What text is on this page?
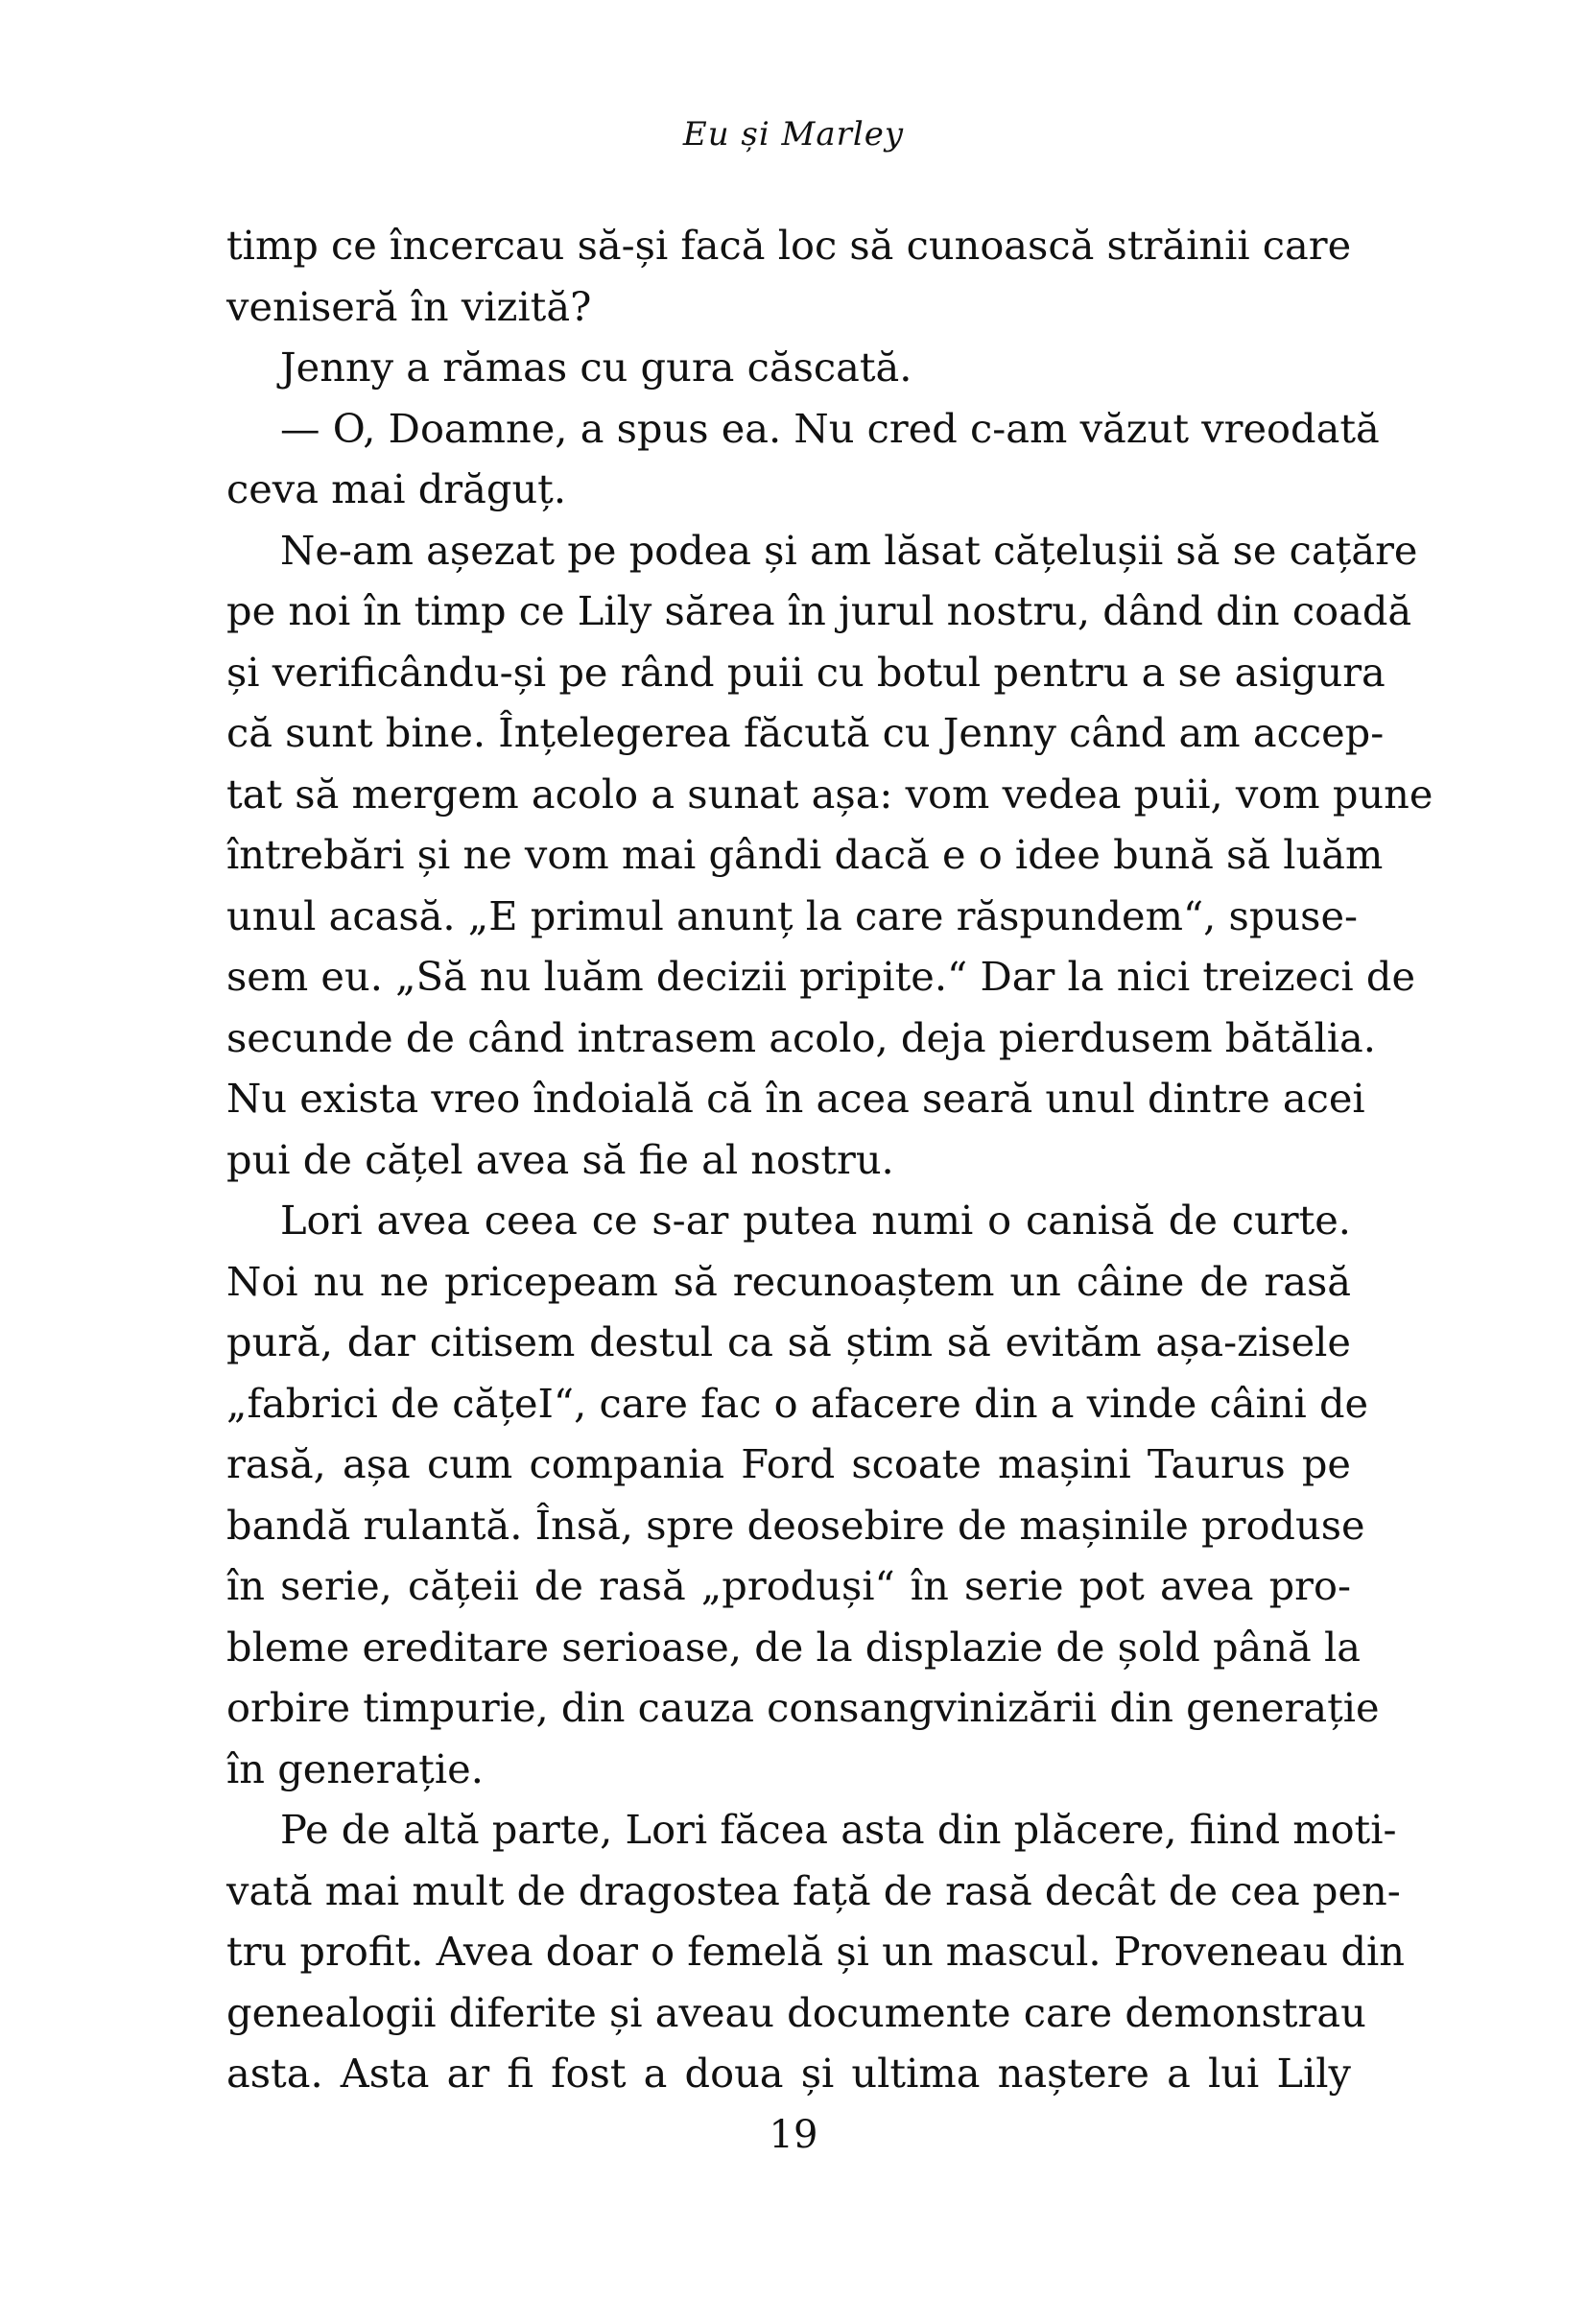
Eu și Marley
timp ce încercau să-și facă loc să cunoască străinii care
veniseră în vizită?
Jenny a rămas cu gura căscată.
— O, Doamne, a spus ea. Nu cred c-am văzut vreodată
ceva mai drăguț.
Ne-am așezat pe podea și am lăsat cățelușii să se cațăre
pe noi în timp ce Lily sărea în jurul nostru, dând din coadă
și verificându-și pe rând puii cu botul pentru a se asigura
că sunt bine. Înțelegerea făcută cu Jenny când am accep-
tat să mergem acolo a sunat așa: vom vedea puii, vom pune
întrebări și ne vom mai gândi dacă e o idee bună să luăm
unul acasă. „E primul anunț la care răspundem“, spuse-
sem eu. „Să nu luăm decizii pripite.“ Dar la nici treizeci de
secunde de când intrasem acolo, deja pierdusem bătălia.
Nu exista vreo îndoială că în acea seară unul dintre acei
pui de cățel avea să fie al nostru.
Lori avea ceea ce s-ar putea numi o canisă de curte.
Noi nu ne pricepeam să recunoaștem un câine de rasă
pură, dar citisem destul ca să știm să evităm așa-zisele
„fabrici de cățeI“, care fac o afacere din a vinde câini de
rasă, așa cum compania Ford scoate mașini Taurus pe
bandă rulantă. Însă, spre deosebire de mașinile produse
în serie, cățeii de rasă „produși“ în serie pot avea pro-
bleme ereditare serioase, de la displazie de șold până la
orbire timpurie, din cauza consangvinizării din generație
în generație.
Pe de altă parte, Lori făcea asta din plăcere, fiind moti-
vată mai mult de dragostea față de rasă decât de cea pen-
tru profit. Avea doar o femelă și un mascul. Proveneau din
genealogii diferite și aveau documente care demonstrau
asta. Asta ar fi fost a doua și ultima naștere a lui Lily
19
